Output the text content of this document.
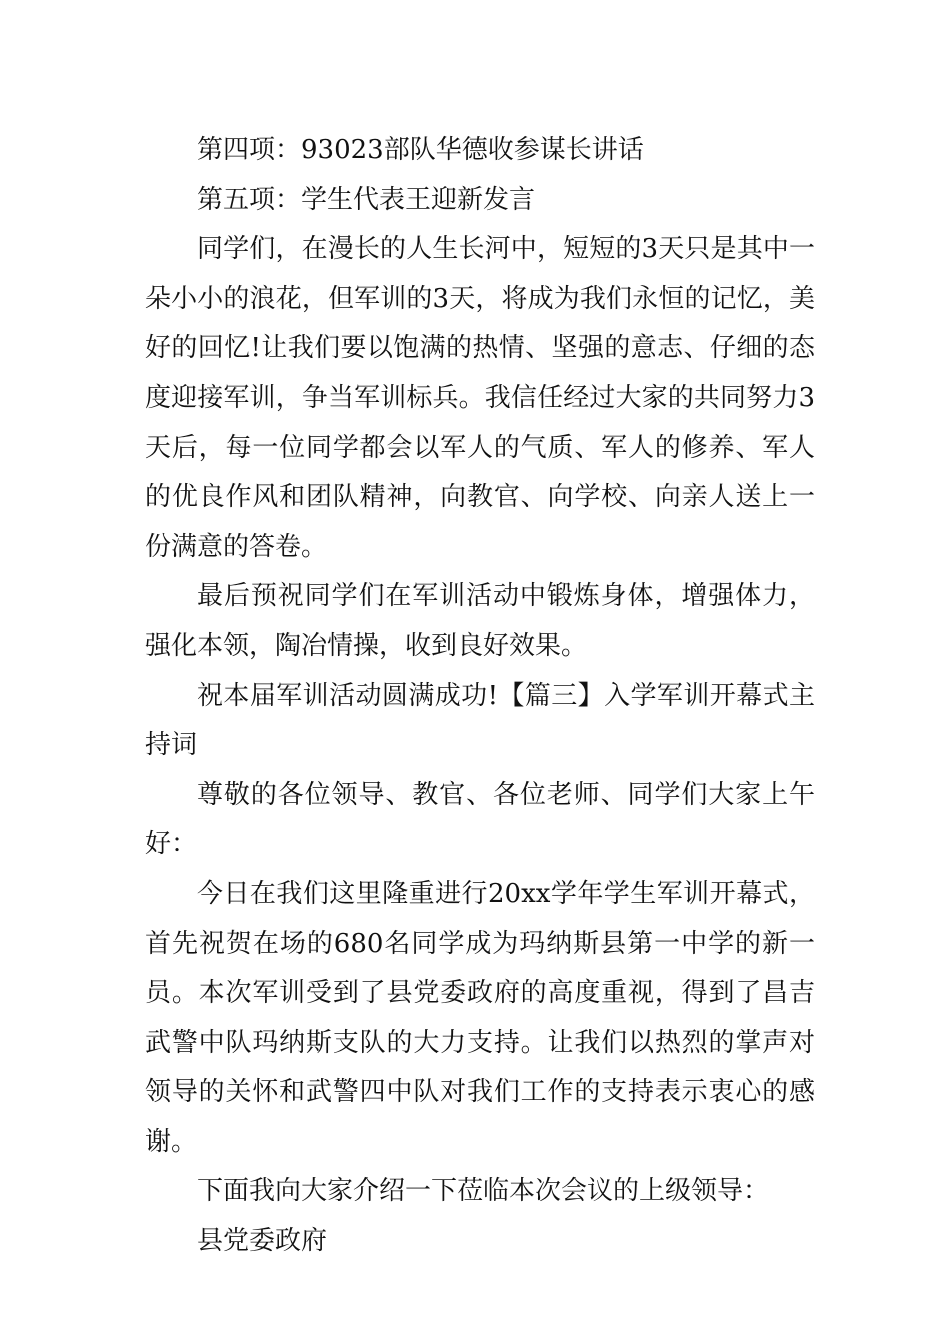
第四项：93023部队华德收参谋长讲话

第五项：学生代表王迎新发言

同学们，在漫长的人生长河中，短短的3天只是其中一朵小小的浪花，但军训的3天，将成为我们永恒的记忆，美好的回忆!让我们要以饱满的热情、坚强的意志、仔细的态度迎接军训，争当军训标兵。我信任经过大家的共同努力3天后，每一位同学都会以军人的气质、军人的修养、军人的优良作风和团队精神，向教官、向学校、向亲人送上一份满意的答卷。

最后预祝同学们在军训活动中锻炼身体，增强体力，强化本领，陶冶情操，收到良好效果。

祝本届军训活动圆满成功!【篇三】入学军训开幕式主持词

尊敬的各位领导、教官、各位老师、同学们大家上午好：

今日在我们这里隆重进行20xx学年学生军训开幕式，首先祝贺在场的680名同学成为玛纳斯县第一中学的新一员。本次军训受到了县党委政府的高度重视，得到了昌吉武警中队玛纳斯支队的大力支持。让我们以热烈的掌声对领导的关怀和武警四中队对我们工作的支持表示衷心的感谢。

下面我向大家介绍一下莅临本次会议的上级领导：

县党委政府
